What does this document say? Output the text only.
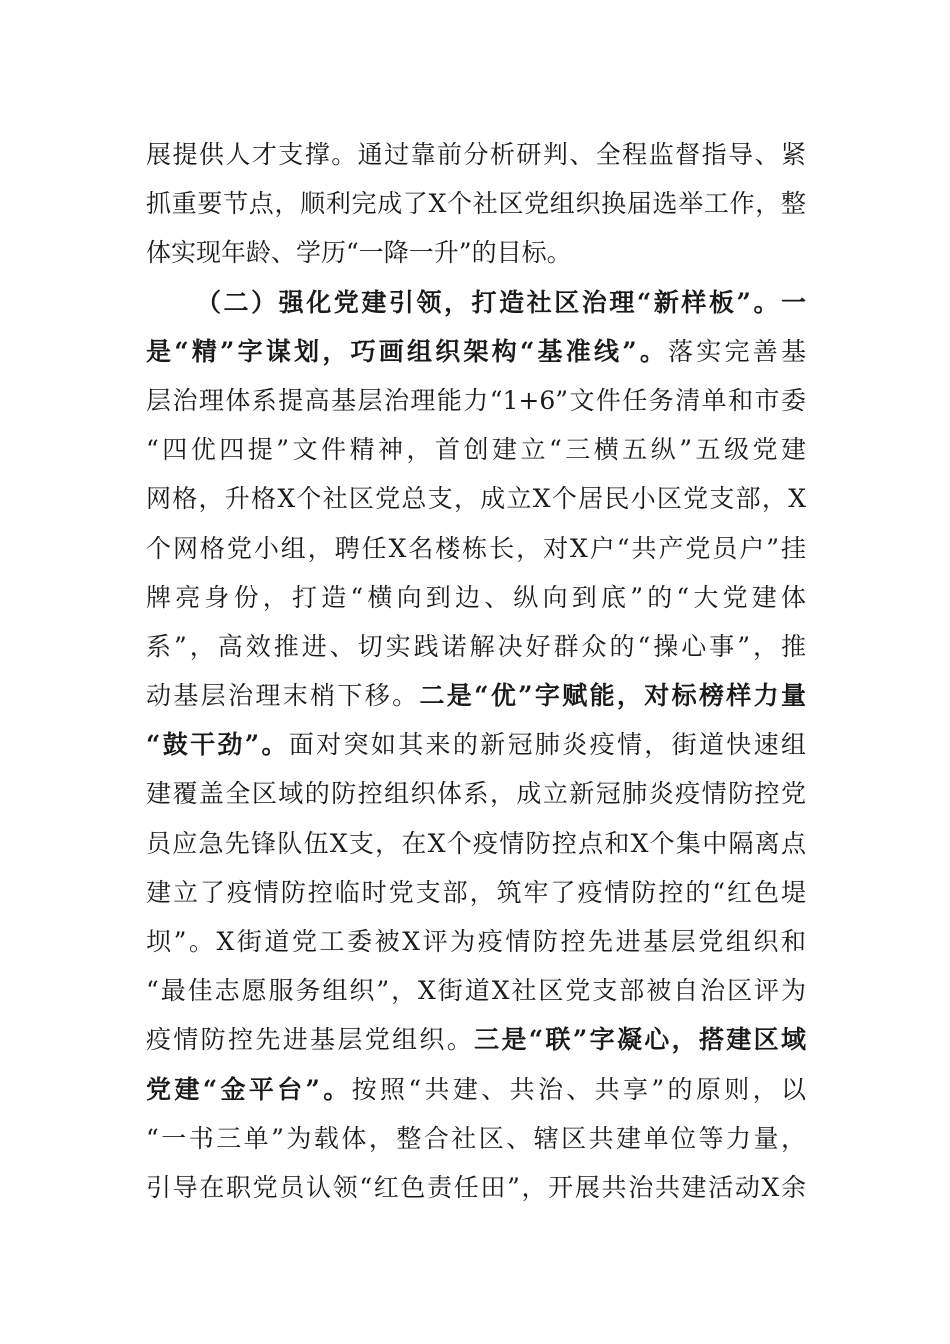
展提供人才支撑。通过靠前分析研判、全程监督指导、紧
抓重要节点，顺利完成了X个社区党组织换届选举工作，整
体实现年龄、学历“一降一升”的目标。
（二）强化党建引领，打造社区治理“新样板”。一
是“精”字谋划，巧画组织架构“基准线”。落实完善基
层治理体系提高基层治理能力“1+6”文件任务清单和市委
“四优四提”文件精神，首创建立“三横五纵”五级党建
网格，升格X个社区党总支，成立X个居民小区党支部，X
个网格党小组，聘任X名楼栋长，对X户“共产党员户”挂
牌亮身份，打造“横向到边、纵向到底”的“大党建体
系”，高效推进、切实践诺解决好群众的“操心事”，推
动基层治理末梢下移。二是“优”字赋能，对标榜样力量
“鼓干劲”。面对突如其来的新冠肺炎疫情，街道快速组
建覆盖全区域的防控组织体系，成立新冠肺炎疫情防控党
员应急先锋队伍X支，在X个疫情防控点和X个集中隔离点
建立了疫情防控临时党支部，筑牢了疫情防控的“红色堤
坝”。X街道党工委被X评为疫情防控先进基层党组织和
“最佳志愿服务组织”，X街道X社区党支部被自治区评为
疫情防控先进基层党组织。三是“联”字凝心，搭建区域
党建“金平台”。按照“共建、共治、共享”的原则，以
“一书三单”为载体，整合社区、辖区共建单位等力量，
引导在职党员认领“红色责任田”，开展共治共建活动X余
